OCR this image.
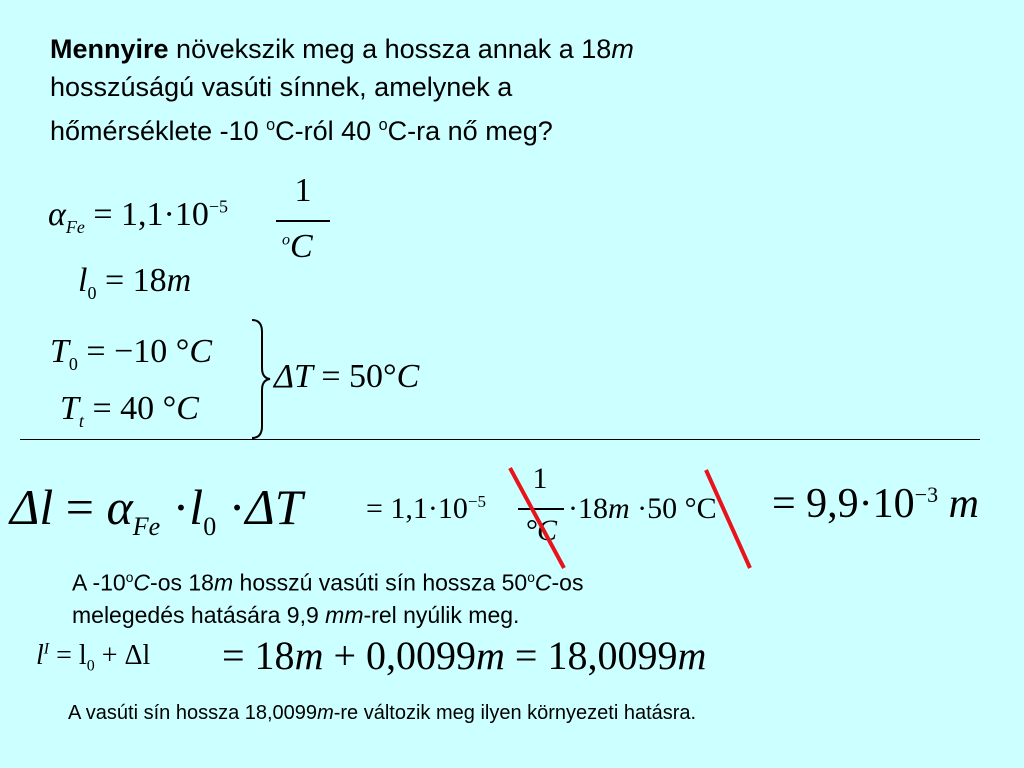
Mennyire növekszik meg a hossza annak a 18m
hosszúságú vasúti sínnek, amelynek a
hőmérséklete -10 $^o$C-ról 40 $^o$C-ra nő meg?
$\alpha_{Fe} = 1,1\cdot 10^{-5}$	1
$^o$C
$l_0 = 18m$
$T_0 = -10$ °C
$T_t = 40$ °C
ΔT = 50°C
$\Delta l = \alpha_{Fe} \cdot l_0 \cdot\Delta T = 1,1\cdot 10^{-5}$
1
°C
·18m ·50 $^\circ C = 9,9\cdot 10^{-3}$ m
A -10$^o$C-os 18m hosszú vasúti sín hossza 50$^o$C-os
melegedés hatására 9,9 mm-rel nyúlik meg.
$l^I = l_0 + \Delta l = 18m + 0,0099m = 18,0099m$
A vasúti sín hossza 18,0099m-re változik meg ilyen környezeti hatásra.
